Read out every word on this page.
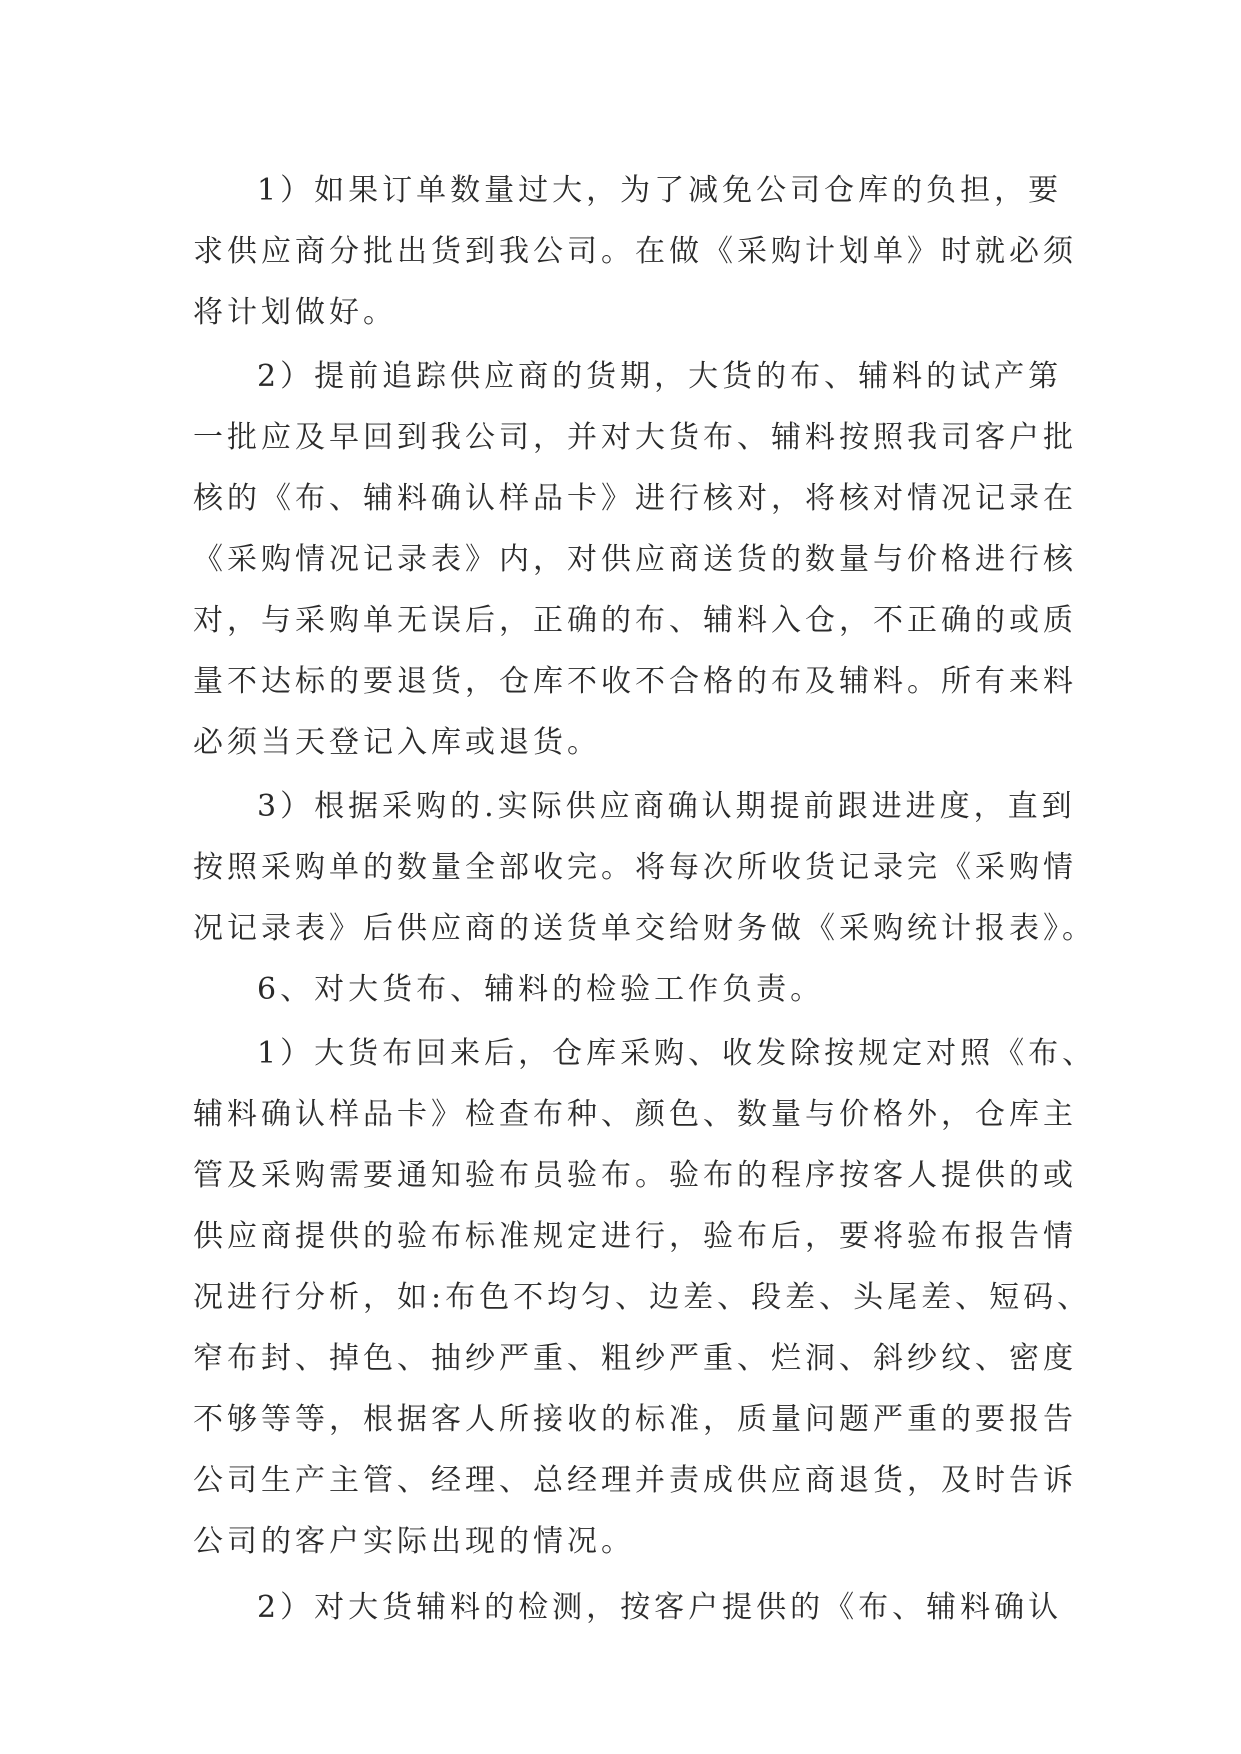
1）如果订单数量过大，为了减免公司仓库的负担，要
求供应商分批出货到我公司。在做《采购计划单》时就必须
将计划做好。
2）提前追踪供应商的货期，大货的布、辅料的试产第
一批应及早回到我公司，并对大货布、辅料按照我司客户批
核的《布、辅料确认样品卡》进行核对，将核对情况记录在
《采购情况记录表》内，对供应商送货的数量与价格进行核
对，与采购单无误后，正确的布、辅料入仓，不正确的或质
量不达标的要退货，仓库不收不合格的布及辅料。所有来料
必须当天登记入库或退货。
3）根据采购的.实际供应商确认期提前跟进进度，直到
按照采购单的数量全部收完。将每次所收货记录完《采购情
况记录表》后供应商的送货单交给财务做《采购统计报表》。
6、对大货布、辅料的检验工作负责。
1）大货布回来后，仓库采购、收发除按规定对照《布、
辅料确认样品卡》检查布种、颜色、数量与价格外，仓库主
管及采购需要通知验布员验布。验布的程序按客人提供的或
供应商提供的验布标准规定进行，验布后，要将验布报告情
况进行分析，如:布色不均匀、边差、段差、头尾差、短码、
窄布封、掉色、抽纱严重、粗纱严重、烂洞、斜纱纹、密度
不够等等，根据客人所接收的标准，质量问题严重的要报告
公司生产主管、经理、总经理并责成供应商退货，及时告诉
公司的客户实际出现的情况。
2）对大货辅料的检测，按客户提供的《布、辅料确认
